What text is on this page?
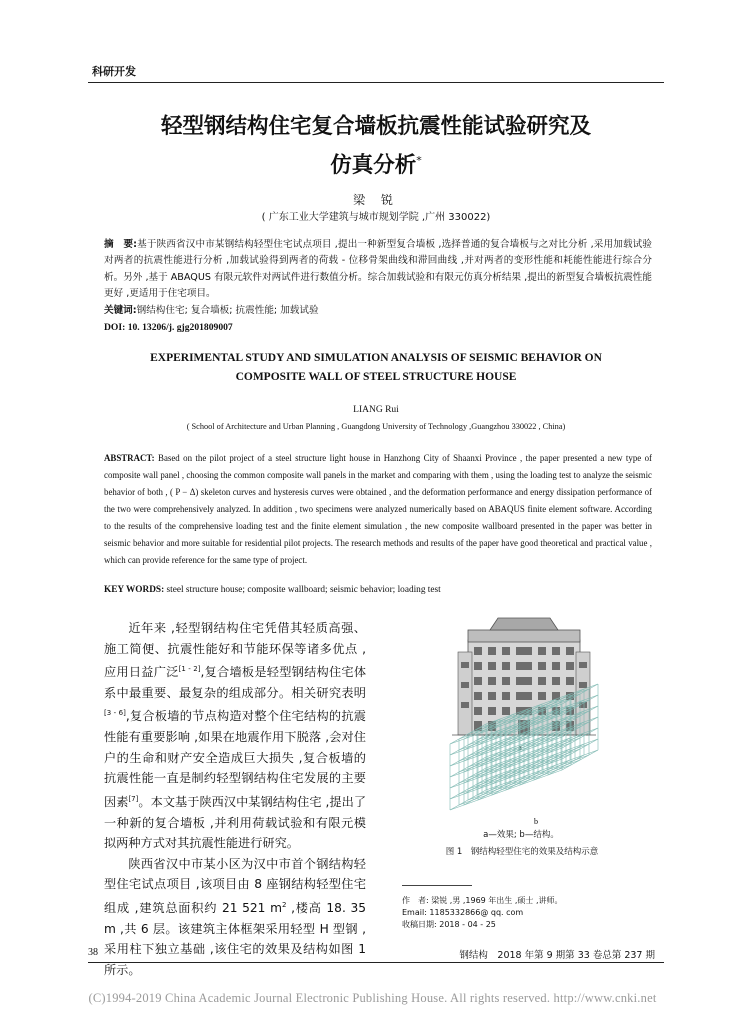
科研开发
轻型钢结构住宅复合墙板抗震性能试验研究及
仿真分析*
梁 锐
( 广东工业大学建筑与城市规划学院 ,广州 330022)
摘　要:基于陕西省汉中市某钢结构轻型住宅试点项目 ,提出一种新型复合墙板 ,选择普通的复合墙板与之对比分析 ,采用加载试验对两者的抗震性能进行分析 ,加载试验得到两者的荷载 - 位移骨架曲线和滞回曲线 ,并对两者的变形性能和耗能性能进行综合分析。另外 ,基于 ABAQUS 有限元软件对两试件进行数值分析。综合加载试验和有限元仿真分析结果 ,提出的新型复合墙板抗震性能更好 ,更适用于住宅项目。
关键词:钢结构住宅; 复合墙板; 抗震性能; 加载试验
DOI: 10. 13206/j. gjg201809007
EXPERIMENTAL STUDY AND SIMULATION ANALYSIS OF SEISMIC BEHAVIOR ON
COMPOSITE WALL OF STEEL STRUCTURE HOUSE
LIANG Rui
( School of Architecture and Urban Planning , Guangdong University of Technology ,Guangzhou 330022 , China)
ABSTRACT: Based on the pilot project of a steel structure light house in Hanzhong City of Shaanxi Province , the paper presented a new type of composite wall panel , choosing the common composite wall panels in the market and comparing with them , using the loading test to analyze the seismic behavior of both , ( P − Δ) skeleton curves and hysteresis curves were obtained , and the deformation performance and energy dissipation performance of the two were comprehensively analyzed. In addition , two specimens were analyzed numerically based on ABAQUS finite element software. According to the results of the comprehensive loading test and the finite element simulation , the new composite wallboard presented in the paper was better in seismic behavior and more suitable for residential pilot projects. The research methods and results of the paper have good theoretical and practical value , which can provide reference for the same type of project.
KEY WORDS: steel structure house; composite wallboard; seismic behavior; loading test

近年来 ,轻型钢结构住宅凭借其轻质高强、施工简便、抗震性能好和节能环保等诸多优点 ,应用日益广泛[1 - 2],复合墙板是轻型钢结构住宅体系中最重要、最复杂的组成部分。相关研究表明[3 - 6],复合板墙的节点构造对整个住宅结构的抗震性能有重要影响 ,如果在地震作用下脱落 ,会对住户的生命和财产安全造成巨大损失 ,复合板墙的抗震性能一直是制约轻型钢结构住宅发展的主要因素[7]。本文基于陕西汉中某钢结构住宅 ,提出了一种新的复合墙板 ,并利用荷载试验和有限元模拟两种方式对其抗震性能进行研究。

陕西省汉中市某小区为汉中市首个钢结构轻型住宅试点项目 ,该项目由 8 座钢结构轻型住宅组成 ,建筑总面积约 21 521 $m^2$ ,楼高 18. 35 m ,共 6 层。该建筑主体框架采用轻型 H 型钢 ,采用柱下独立基础 ,该住宅的效果及结构如图 1 所示。

a
b
a—效果; b—结构。
图 1　钢结构轻型住宅的效果及结构示意
作　者: 梁锐 ,男 ,1969 年出生 ,硕士 ,讲师。
Email: 1185332866@ qq. com
收稿日期: 2018 - 04 - 25
38	钢结构　2018 年第 9 期第 33 卷总第 237 期
(C)1994-2019 China Academic Journal Electronic Publishing House. All rights reserved. http://www.cnki.net
